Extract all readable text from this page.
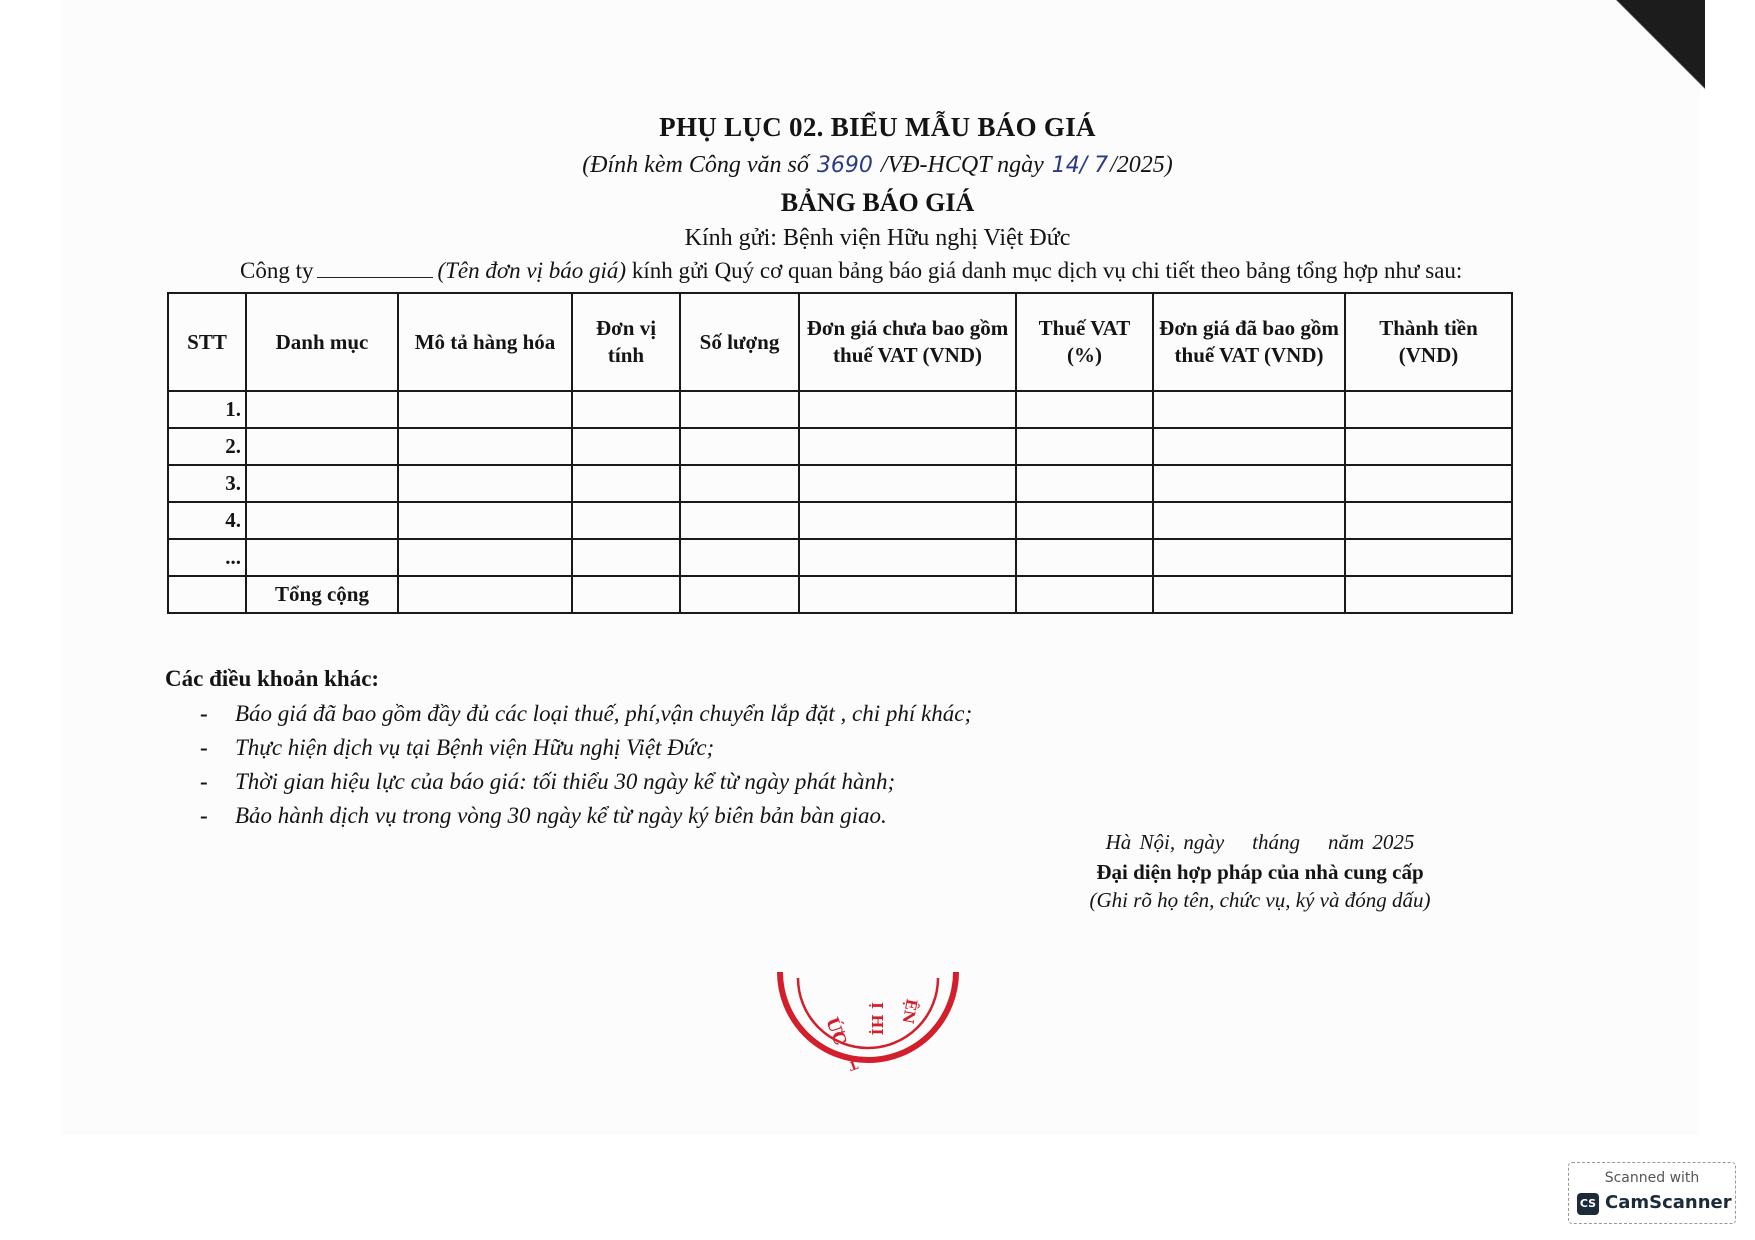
PHỤ LỤC 02. BIỂU MẪU BÁO GIÁ
(Đính kèm Công văn số 3690 /VĐ-HCQT ngày 14/ 7/2025)
BẢNG BÁO GIÁ
Kính gửi: Bệnh viện Hữu nghị Việt Đức
Công ty	(Tên đơn vị báo giá) kính gửi Quý cơ quan bảng báo giá danh mục dịch vụ chi tiết theo bảng tổng hợp như sau:
STT	Danh mục	Mô tả hàng hóa	Đơn vị tính	Số lượng	Đơn giá chưa bao gồm thuế VAT (VND)	Thuế VAT (%)	Đơn giá đã bao gồm thuế VAT (VND)	Thành tiền (VND)
1.								
2.								
3.								
4.								
...								
	Tổng cộng							
Các điều khoản khác:
- Báo giá đã bao gồm đầy đủ các loại thuế, phí,vận chuyển lắp đặt , chi phí khác;
- Thực hiện dịch vụ tại Bệnh viện Hữu nghị Việt Đức;
- Thời gian hiệu lực của báo giá: tối thiểu 30 ngày kể từ ngày phát hành;
- Bảo hành dịch vụ trong vòng 30 ngày kể từ ngày ký biên bản bàn giao.
Hà Nội, ngày tháng năm 2025
Đại diện hợp pháp của nhà cung cấp
(Ghi rõ họ tên, chức vụ, ký và đóng dấu)
ỨC Ị HỊ ỆN
T
Scanned with
CS CamScanner
